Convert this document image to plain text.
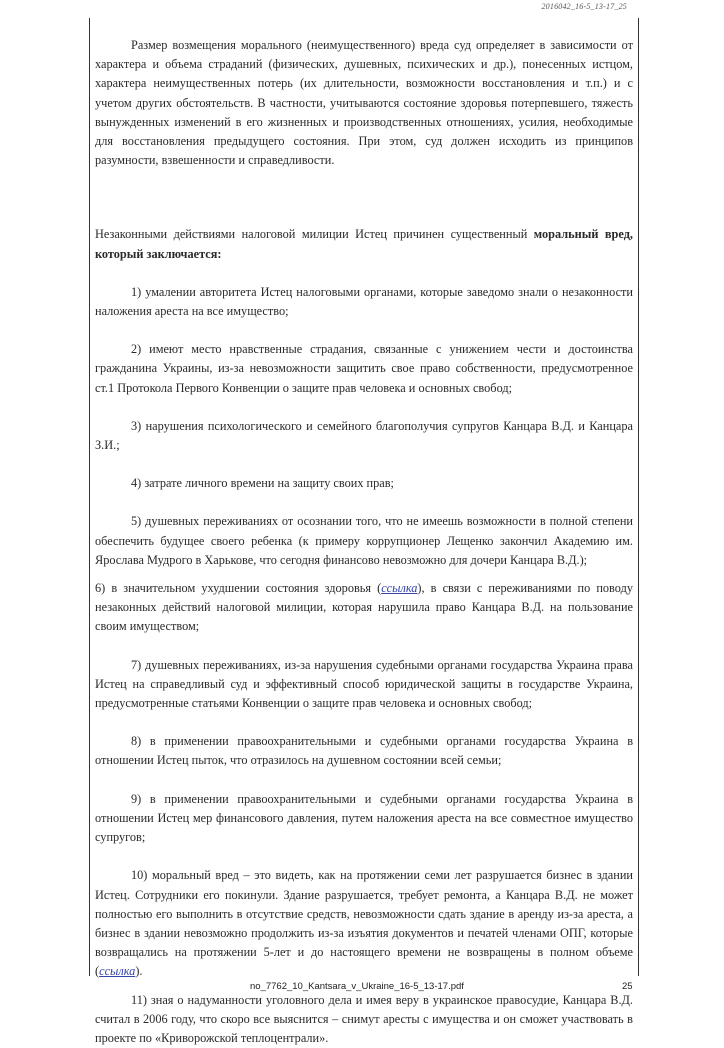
2016042_16-5_13-17_25

Размер возмещения морального (неимущественного) вреда суд определяет в зависимости от характера и объема страданий (физических, душевных, психических и др.), понесенных истцом, характера неимущественных потерь (их длительности, возможности восстановления и т.п.) и с учетом других обстоятельств. В частности, учитываются состояние здоровья потерпевшего, тяжесть вынужденных изменений в его жизненных и производственных отношениях, усилия, необходимые для восстановления предыдущего состояния. При этом, суд должен исходить из принципов разумности, взвешенности и справедливости.

Незаконными действиями налоговой милиции Истец причинен существенный моральный вред, который заключается:

1) умалении авторитета Истец налоговыми органами, которые заведомо знали о незаконности наложения ареста на все имущество;

2) имеют место нравственные страдания, связанные с унижением чести и достоинства гражданина Украины, из-за невозможности защитить свое право собственности, предусмотренное ст.1 Протокола Первого Конвенции о защите прав человека и основных свобод;

3) нарушения психологического и семейного благополучия супругов Канцара В.Д. и Канцара З.И.;

4) затрате личного времени на защиту своих прав;

5) душевных переживаниях от осознании того, что не имеешь возможности в полной степени обеспечить будущее своего ребенка (к примеру коррупционер Лещенко закончил Академию им. Ярослава Мудрого в Харькове, что сегодня финансово невозможно для дочери Канцара В.Д.);

6) в значительном ухудшении состояния здоровья (ссылка), в связи с переживаниями по поводу незаконных действий налоговой милиции, которая нарушила право Канцара В.Д. на пользование своим имуществом;

7) душевных переживаниях, из-за нарушения судебными органами государства Украина права Истец на справедливый суд и эффективный способ юридической защиты в государстве Украина, предусмотренные статьями Конвенции о защите прав человека и основных свобод;

8) в применении правоохранительными и судебными органами государства Украина в отношении Истец пыток, что отразилось на душевном состоянии всей семьи;

9) в применении правоохранительными и судебными органами государства Украина в отношении Истец мер финансового давления, путем наложения ареста на все совместное имущество супругов;

10) моральный вред – это видеть, как на протяжении семи лет разрушается бизнес в здании Истец. Сотрудники его покинули. Здание разрушается, требует ремонта, а Канцара В.Д. не может полностью его выполнить в отсутствие средств, невозможности сдать здание в аренду из-за ареста, а бизнес в здании невозможно продолжить из-за изъятия документов и печатей членами ОПГ, которые возвращались на протяжении 5-лет и до настоящего времени не возвращены в полном объеме (ссылка).

11) зная о надуманности уголовного дела и имея веру в украинское правосудие, Канцара В.Д. считал в 2006 году, что скоро все выяснится – снимут аресты с имущества и он сможет участвовать в проекте по «Криворожской теплоцентрали».

no_7762_10_Kantsara_v_Ukraine_16-5_13-17.pdf	25
